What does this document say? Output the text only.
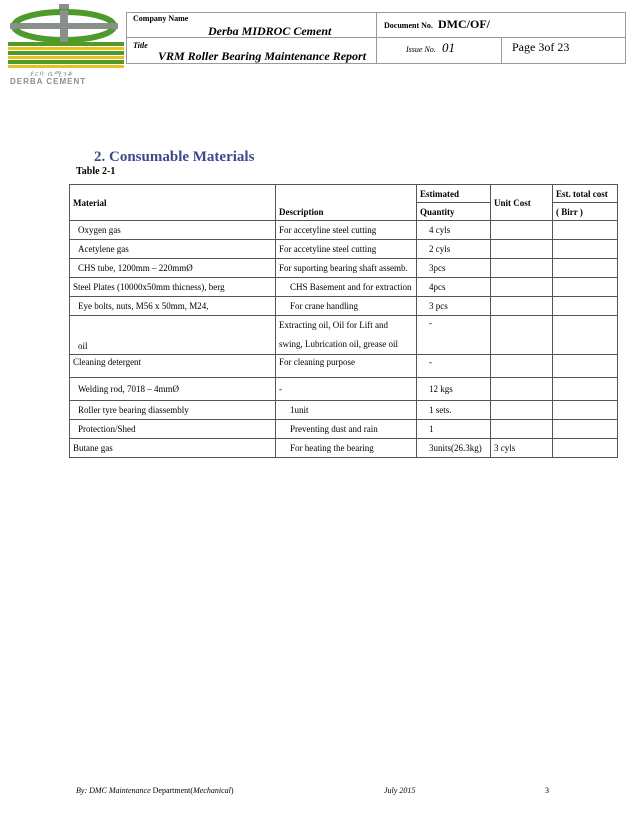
ደርባ ሲሚንቶ
DERBA CEMENT
Company Name
Derba MIDROC Cement
Title
VRM Roller Bearing Maintenance Report
Document No. DMC/OF/
Issue No. 01	Page 3of 23
2. Consumable Materials
Table 2-1
Material	Description	Estimated	Unit Cost	Est. total cost
		Quantity		( Birr )
Oxygen gas	For accetyline steel cutting	4 cyls		
Acetylene gas	For accetyline steel cutting	2 cyls		
CHS tube, 1200mm – 220mmØ	For suporting bearing shaft assemb.	3pcs		
Steel Plates (10000x50mm thicness), berg	CHS Basement and for extraction	4pcs		
Eye bolts, nuts, M56 x 50mm, M24,	For crane handling	3 pcs		
oil	Extracting oil, Oil for Lift and swing, Lubrication oil, grease oil	-		
Cleaning detergent	For cleaning purpose	-		
Welding rod, 7018 – 4mmØ	-	12 kgs		
Roller tyre bearing diassembly	1unit	1 sets.		
Protection/Shed	Preventing dust and rain	1		
Butane gas	For heating the bearing	3units(26.3kg)	3 cyls	
By: DMC Maintenance Department(Mechanical)	July 2015	3
